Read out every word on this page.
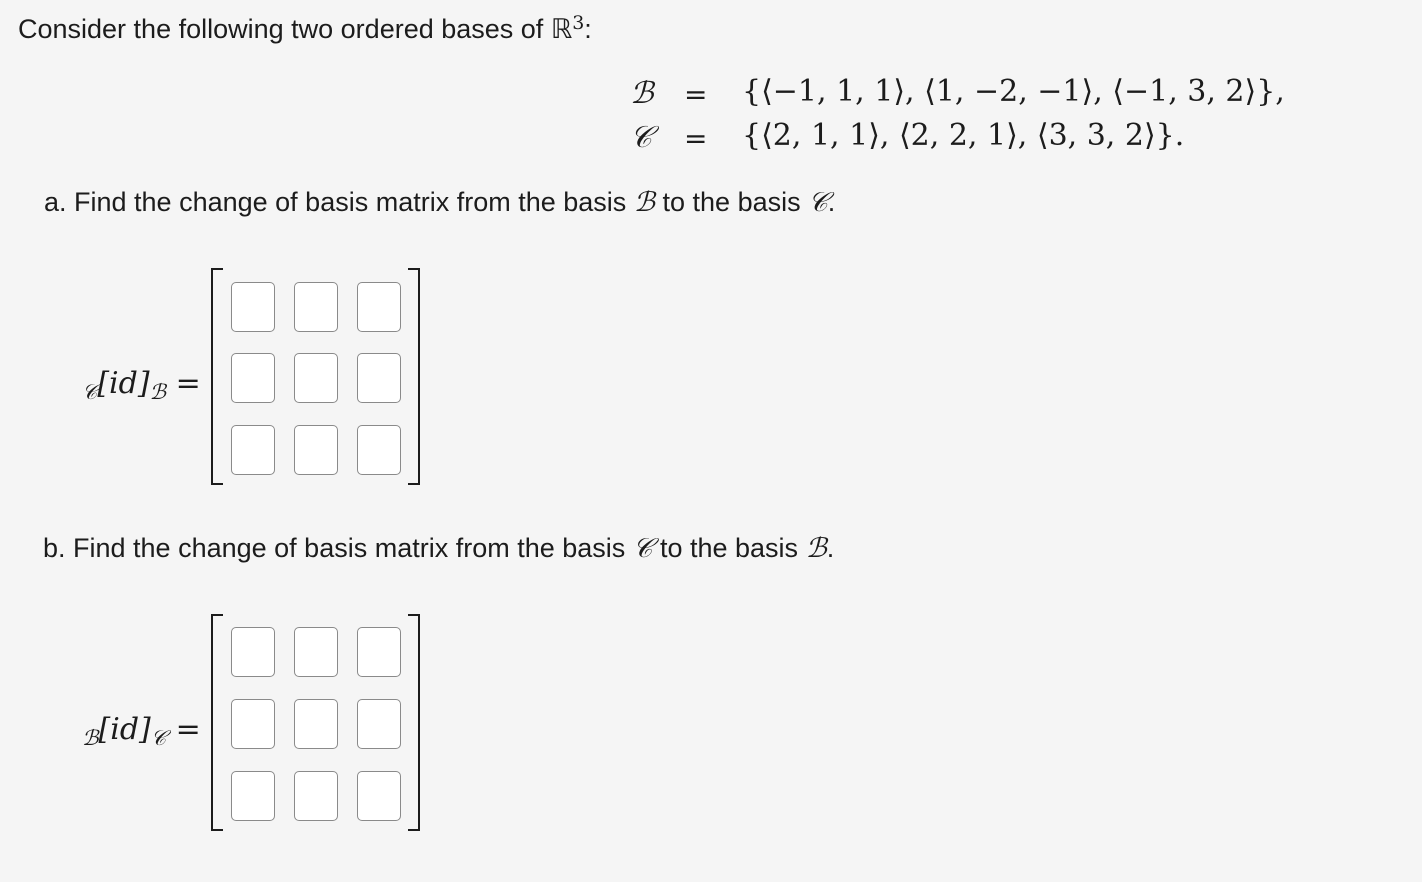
Consider the following two ordered bases of ℝ$^3$:
ℬ = {⟨−1, 1, 1⟩, ⟨1, −2, −1⟩, ⟨−1, 3, 2⟩},
𝒞 = {⟨2, 1, 1⟩, ⟨2, 2, 1⟩, ⟨3, 3, 2⟩}.
a. Find the change of basis matrix from the basis ℬ to the basis 𝒞.
$_𝒞[id]_ℬ$ =
b. Find the change of basis matrix from the basis 𝒞 to the basis ℬ.
$_ℬ[id]_𝒞$ =
